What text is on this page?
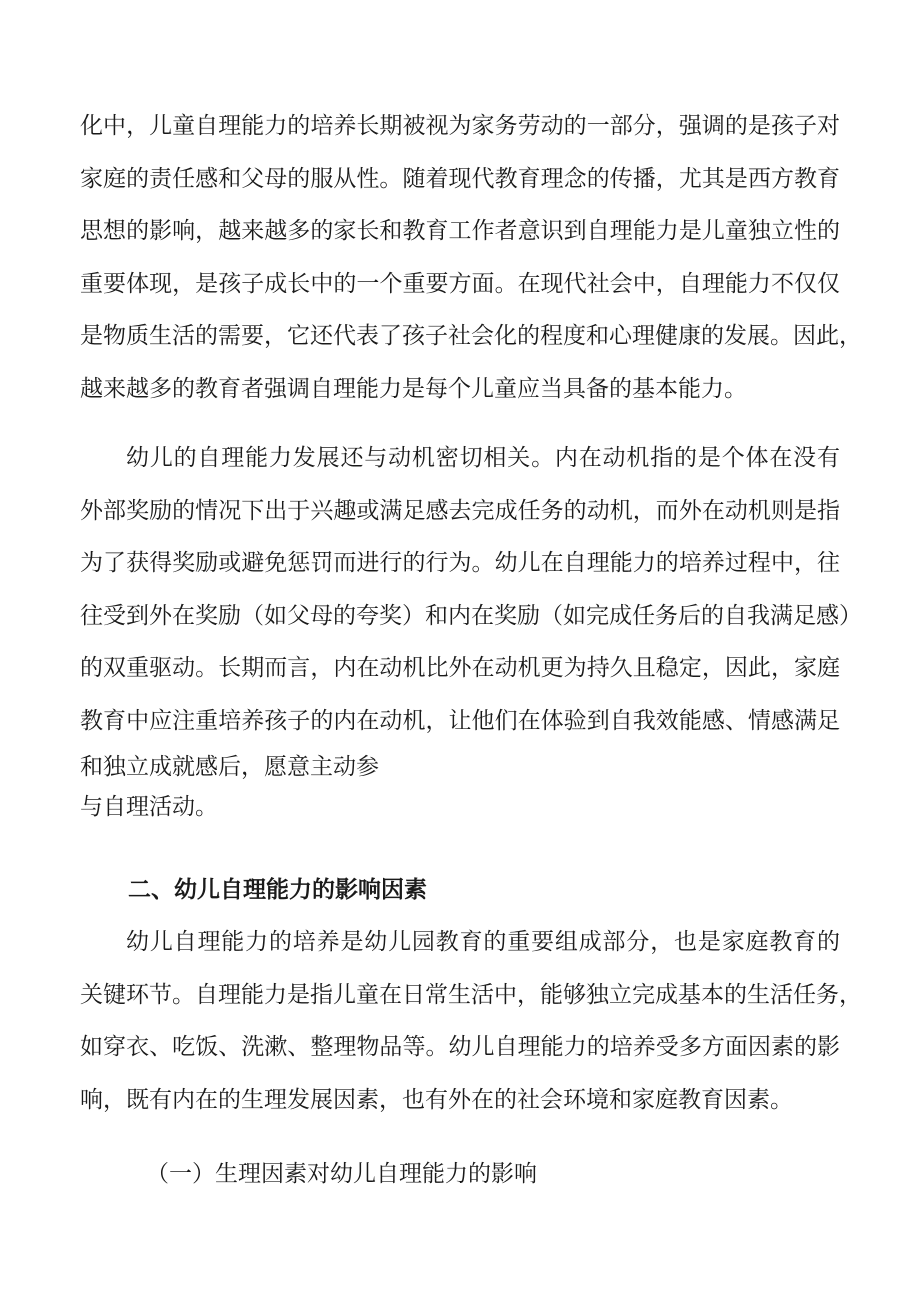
化中，儿童自理能力的培养长期被视为家务劳动的一部分，强调的是孩子对
家庭的责任感和父母的服从性。随着现代教育理念的传播，尤其是西方教育
思想的影响，越来越多的家长和教育工作者意识到自理能力是儿童独立性的
重要体现，是孩子成长中的一个重要方面。在现代社会中，自理能力不仅仅
是物质生活的需要，它还代表了孩子社会化的程度和心理健康的发展。因此，
越来越多的教育者强调自理能力是每个儿童应当具备的基本能力。
幼儿的自理能力发展还与动机密切相关。内在动机指的是个体在没有
外部奖励的情况下出于兴趣或满足感去完成任务的动机，而外在动机则是指
为了获得奖励或避免惩罚而进行的行为。幼儿在自理能力的培养过程中，往
往受到外在奖励（如父母的夸奖）和内在奖励（如完成任务后的自我满足感）
的双重驱动。长期而言，内在动机比外在动机更为持久且稳定，因此，家庭
教育中应注重培养孩子的内在动机，让他们在体验到自我效能感、情感满足
和独立成就感后，愿意主动参
与自理活动。
二、幼儿自理能力的影响因素
幼儿自理能力的培养是幼儿园教育的重要组成部分，也是家庭教育的
关键环节。自理能力是指儿童在日常生活中，能够独立完成基本的生活任务，
如穿衣、吃饭、洗漱、整理物品等。幼儿自理能力的培养受多方面因素的影
响，既有内在的生理发展因素，也有外在的社会环境和家庭教育因素。
（一）生理因素对幼儿自理能力的影响
